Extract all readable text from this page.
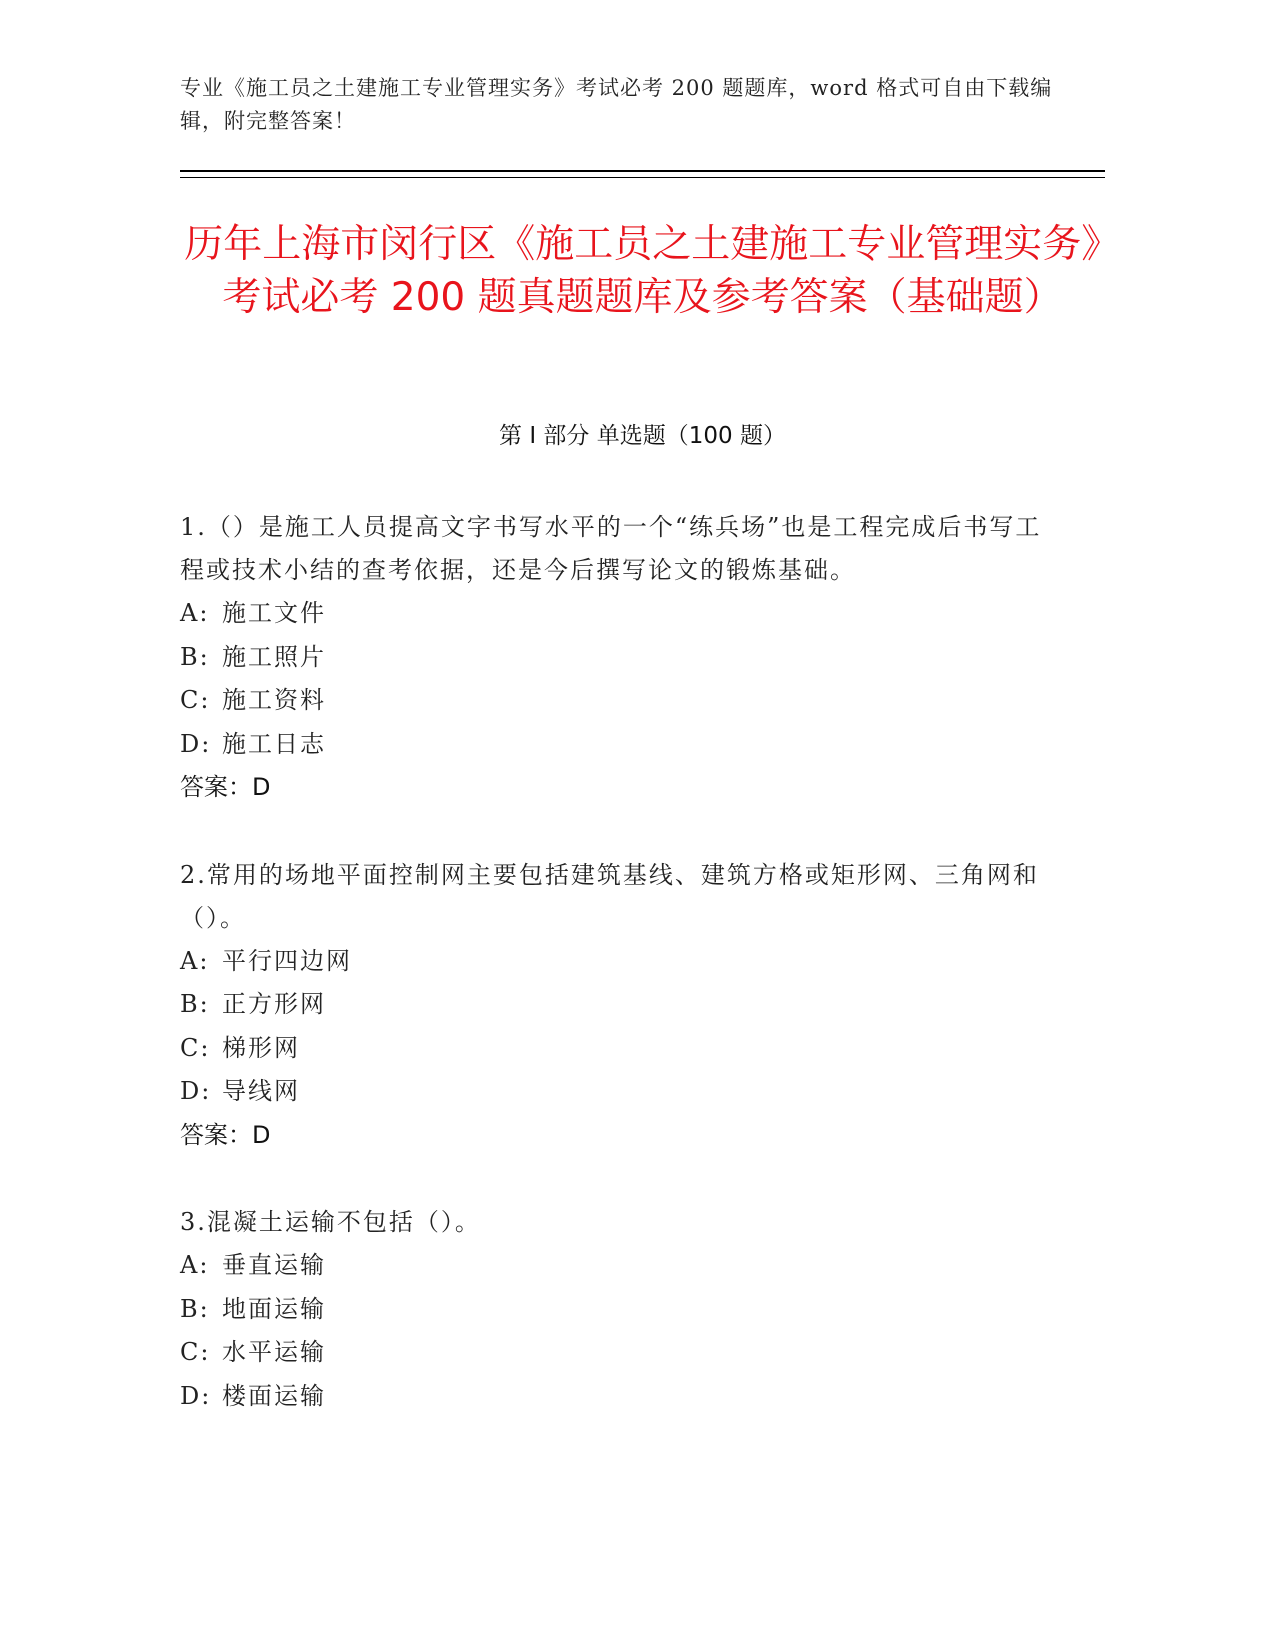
专业《施工员之土建施工专业管理实务》考试必考 200 题题库，word 格式可自由下载编辑，附完整答案！
历年上海市闵行区《施工员之土建施工专业管理实务》考试必考 200 题真题题库及参考答案（基础题）
第 I 部分 单选题（100 题）

1.（）是施工人员提高文字书写水平的一个“练兵场”也是工程完成后书写工程或技术小结的查考依据，还是今后撰写论文的锻炼基础。

A: 施工文件

B: 施工照片

C: 施工资料

D: 施工日志

答案：D

2.常用的场地平面控制网主要包括建筑基线、建筑方格或矩形网、三角网和（）。

A: 平行四边网

B: 正方形网

C: 梯形网

D: 导线网

答案：D

3.混凝土运输不包括（）。

A: 垂直运输

B: 地面运输

C: 水平运输

D: 楼面运输
